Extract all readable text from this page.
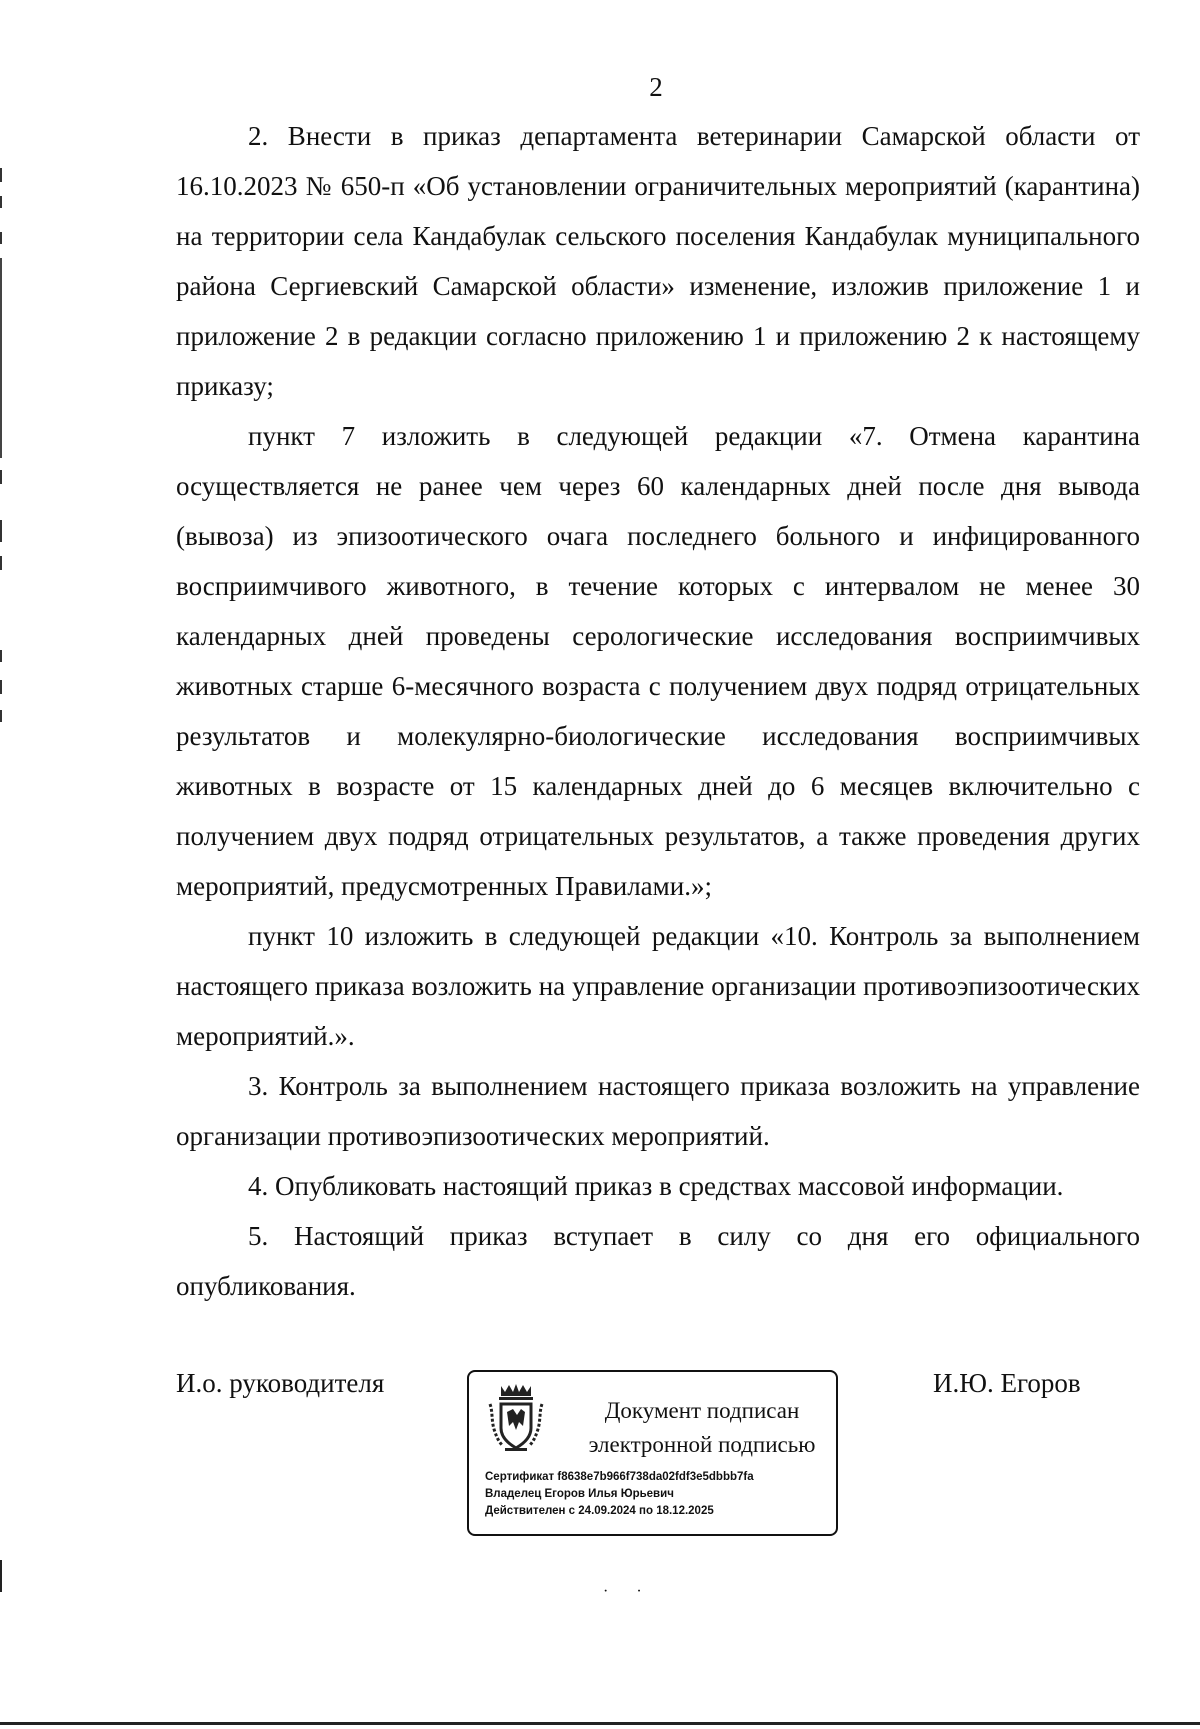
2

2. Внести в приказ департамента ветеринарии Самарской области от 16.10.2023 № 650-п «Об установлении ограничительных мероприятий (карантина) на территории села Кандабулак сельского поселения Кандабулак муниципального района Сергиевский Самарской области» изменение, изложив приложение 1 и приложение 2 в редакции согласно приложению 1 и приложению 2 к настоящему приказу;

пункт 7 изложить в следующей редакции «7. Отмена карантина осуществляется не ранее чем через 60 календарных дней после дня вывода (вывоза) из эпизоотического очага последнего больного и инфицированного восприимчивого животного, в течение которых с интервалом не менее 30 календарных дней проведены серологические исследования восприимчивых животных старше 6-месячного возраста с получением двух подряд отрицательных результатов и молекулярно-биологические исследования восприимчивых животных в возрасте от 15 календарных дней до 6 месяцев включительно с получением двух подряд отрицательных результатов, а также проведения других мероприятий, предусмотренных Правилами.»;

пункт 10 изложить в следующей редакции «10. Контроль за выполнением настоящего приказа возложить на управление организации противоэпизоотических мероприятий.».

3. Контроль за выполнением настоящего приказа возложить на управление организации противоэпизоотических мероприятий.

4. Опубликовать настоящий приказ в средствах массовой информации.

5. Настоящий приказ вступает в силу со дня его официального опубликования.

И.о. руководителя	И.Ю. Егоров
Документ подписан
электронной подписью
Сертификат f8638e7b966f738da02fdf3e5dbbb7fa
Владелец Егоров Илья Юрьевич
Действителен с 24.09.2024 по 18.12.2025
· ·
